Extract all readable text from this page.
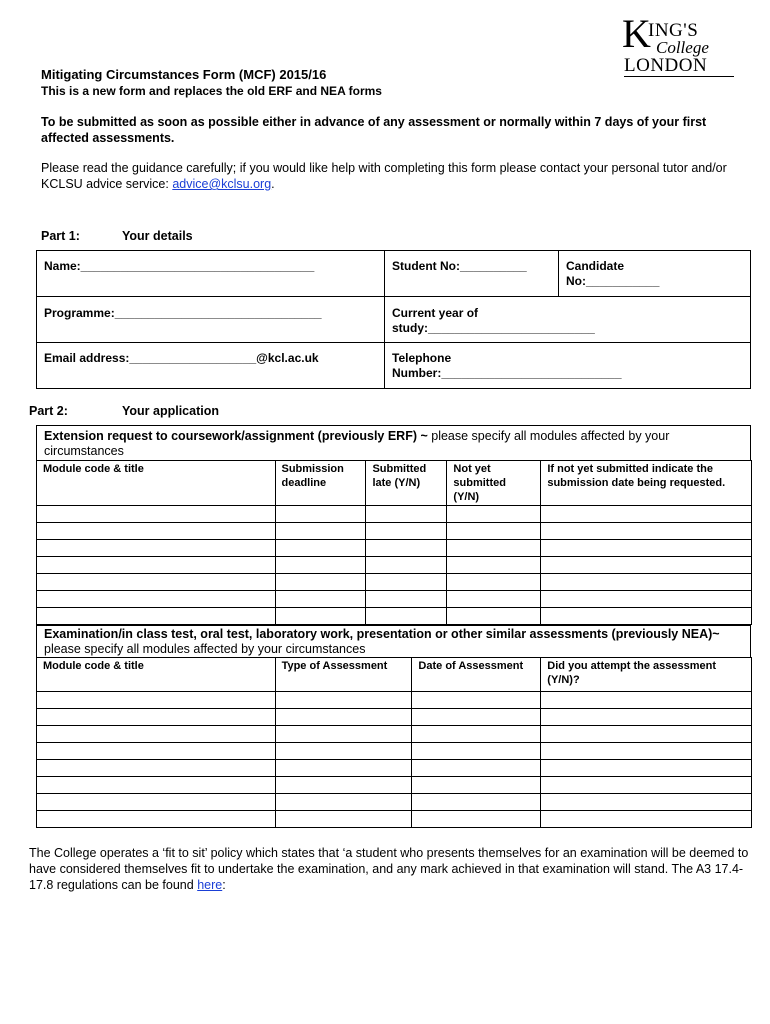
K
ING'S
College
LONDON
Mitigating Circumstances Form (MCF) 2015/16
This is a new form and replaces the old ERF and NEA forms
To be submitted as soon as possible either in advance of any assessment or normally within 7 days of your first affected assessments.
Please read the guidance carefully; if you would like help with completing this form please contact your personal tutor and/or KCLSU advice service: advice@kclsu.org.
Part 1:	Your details
Name:___________________________________	Student No:__________	Candidate
No:___________
Programme:_______________________________	Current year of
study:_________________________
Email address:___________________@kcl.ac.uk	Telephone
Number:___________________________
Part 2:	Your application
Extension request to coursework/assignment (previously ERF) ~ please specify all modules affected by your circumstances
Module code & title	Submission deadline	Submitted late (Y/N)	Not yet submitted (Y/N)	If not yet submitted indicate the submission date being requested.

Examination/in class test, oral test, laboratory work, presentation or other similar assessments (previously NEA)~ please specify all modules affected by your circumstances
Module code & title	Type of Assessment	Date of Assessment	Did you attempt the assessment (Y/N)?

The College operates a ‘fit to sit’ policy which states that ‘a student who presents themselves for an examination will be deemed to have considered themselves fit to undertake the examination, and any mark achieved in that examination will stand. The A3 17.4-17.8 regulations can be found here:
